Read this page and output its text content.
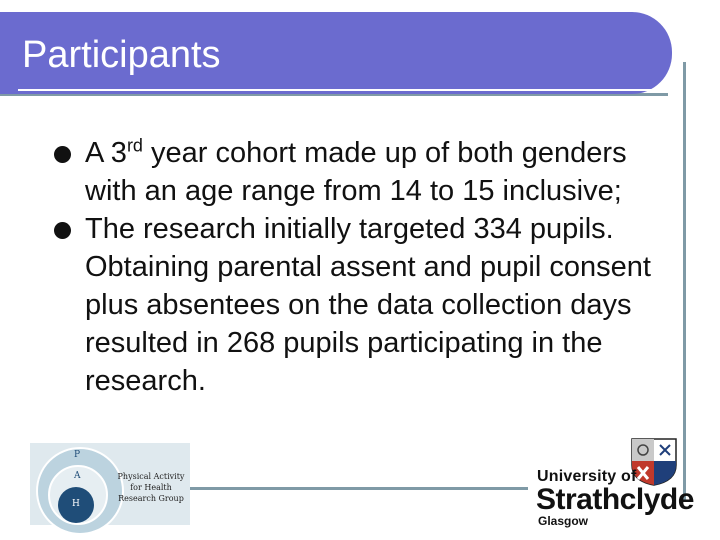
Participants
A 3rd year cohort made up of both genders with an age range from 14 to 15 inclusive;
The research initially targeted 334 pupils. Obtaining parental assent and pupil consent plus absentees on the data collection days resulted in 268 pupils participating in the research.
P
A
H
Physical Activity
for Health
Research Group
University of
Strathclyde
Glasgow
